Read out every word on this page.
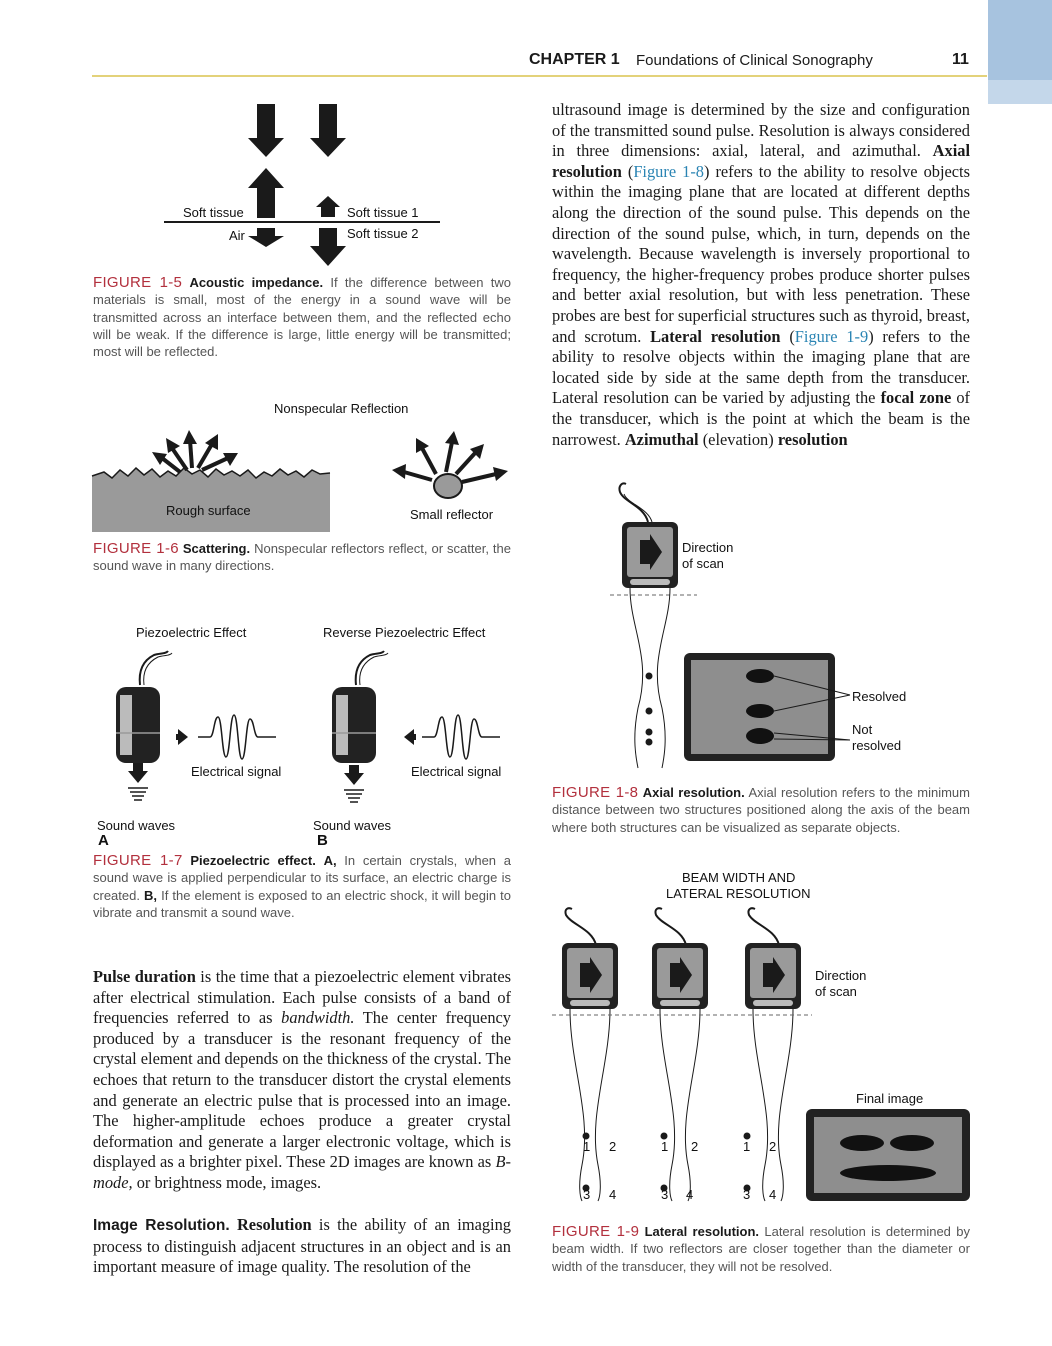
CHAPTER 1 Foundations of Clinical Sonography	11
Soft tissue
Air
Soft tissue 1
Soft tissue 2
FIGURE 1-5 Acoustic impedance. If the difference between two materials is small, most of the energy in a sound wave will be transmitted across an interface between them, and the reflected echo will be weak. If the difference is large, little energy will be transmitted; most will be reflected.
Nonspecular Reflection
Rough surface	Small reflector
FIGURE 1-6 Scattering. Nonspecular reflectors reflect, or scatter, the sound wave in many directions.
Piezoelectric Effect	Reverse Piezoelectric Effect
Electrical signal	Electrical signal
Sound waves	Sound waves
A	B
FIGURE 1-7 Piezoelectric effect. A, In certain crystals, when a sound wave is applied perpendicular to its surface, an electric charge is created. B, If the element is exposed to an electric shock, it will begin to vibrate and transmit a sound wave.
Pulse duration is the time that a piezoelectric element vibrates after electrical stimulation. Each pulse consists of a band of frequencies referred to as bandwidth. The center frequency produced by a transducer is the resonant frequency of the crystal element and depends on the thickness of the crystal. The echoes that return to the transducer distort the crystal elements and generate an electric pulse that is processed into an image. The higher-amplitude echoes produce a greater crystal deformation and generate a larger electronic voltage, which is displayed as a brighter pixel. These 2D images are known as B-mode, or brightness mode, images.
Image Resolution. Resolution is the ability of an imaging process to distinguish adjacent structures in an object and is an important measure of image quality. The resolution of the
ultrasound image is determined by the size and configuration of the transmitted sound pulse. Resolution is always considered in three dimensions: axial, lateral, and azimuthal. Axial resolution (Figure 1-8) refers to the ability to resolve objects within the imaging plane that are located at different depths along the direction of the sound pulse. This depends on the direction of the sound pulse, which, in turn, depends on the wavelength. Because wavelength is inversely proportional to frequency, the higher-frequency probes produce shorter pulses and better axial resolution, but with less penetration. These probes are best for superficial structures such as thyroid, breast, and scrotum. Lateral resolution (Figure 1-9) refers to the ability to resolve objects within the imaging plane that are located side by side at the same depth from the transducer. Lateral resolution can be varied by adjusting the focal zone of the transducer, which is the point at which the beam is the narrowest. Azimuthal (elevation) resolution
Direction
of scan
Resolved
Not
resolved
FIGURE 1-8 Axial resolution. Axial resolution refers to the minimum distance between two structures positioned along the axis of the beam where both structures can be visualized as separate objects.
BEAM WIDTH AND
LATERAL RESOLUTION
Direction
of scan
Final image
1 2
3 4
1 2
3 4
1 2
3 4
FIGURE 1-9 Lateral resolution. Lateral resolution is determined by beam width. If two reflectors are closer together than the diameter or width of the transducer, they will not be resolved.
